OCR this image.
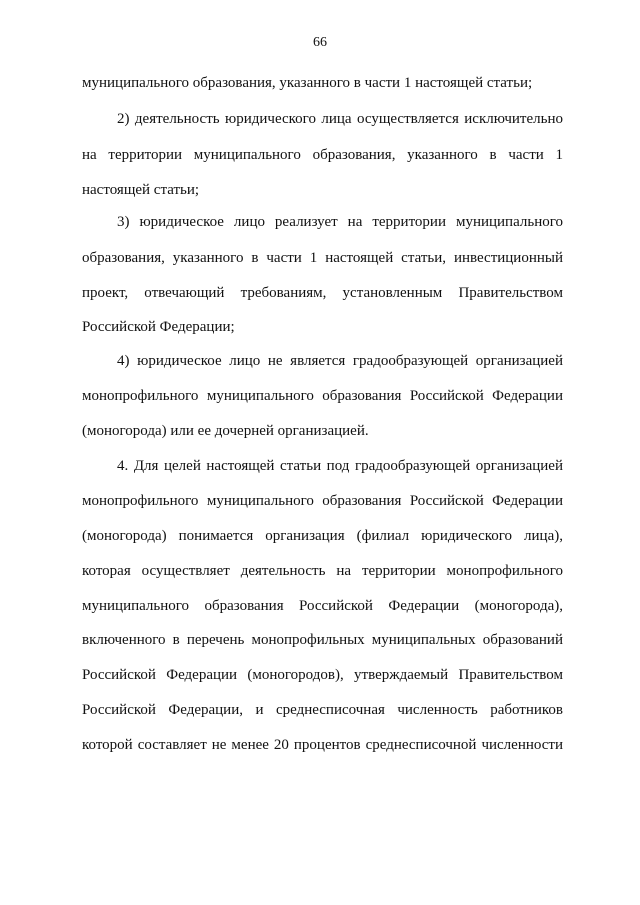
66
муниципального образования, указанного в части 1 настоящей статьи;
2) деятельность юридического лица осуществляется исключительно
на территории муниципального образования, указанного в части 1
настоящей статьи;
3) юридическое лицо реализует на территории муниципального
образования, указанного в части 1 настоящей статьи, инвестиционный
проект, отвечающий требованиям, установленным Правительством
Российской Федерации;
4) юридическое лицо не является градообразующей организацией
монопрофильного муниципального образования Российской Федерации
(моногорода) или ее дочерней организацией.
4. Для целей настоящей статьи под градообразующей организацией
монопрофильного муниципального образования Российской Федерации
(моногорода) понимается организация (филиал юридического лица),
которая осуществляет деятельность на территории монопрофильного
муниципального образования Российской Федерации (моногорода),
включенного в перечень монопрофильных муниципальных образований
Российской Федерации (моногородов), утверждаемый Правительством
Российской Федерации, и среднесписочная численность работников
которой составляет не менее 20 процентов среднесписочной численности
